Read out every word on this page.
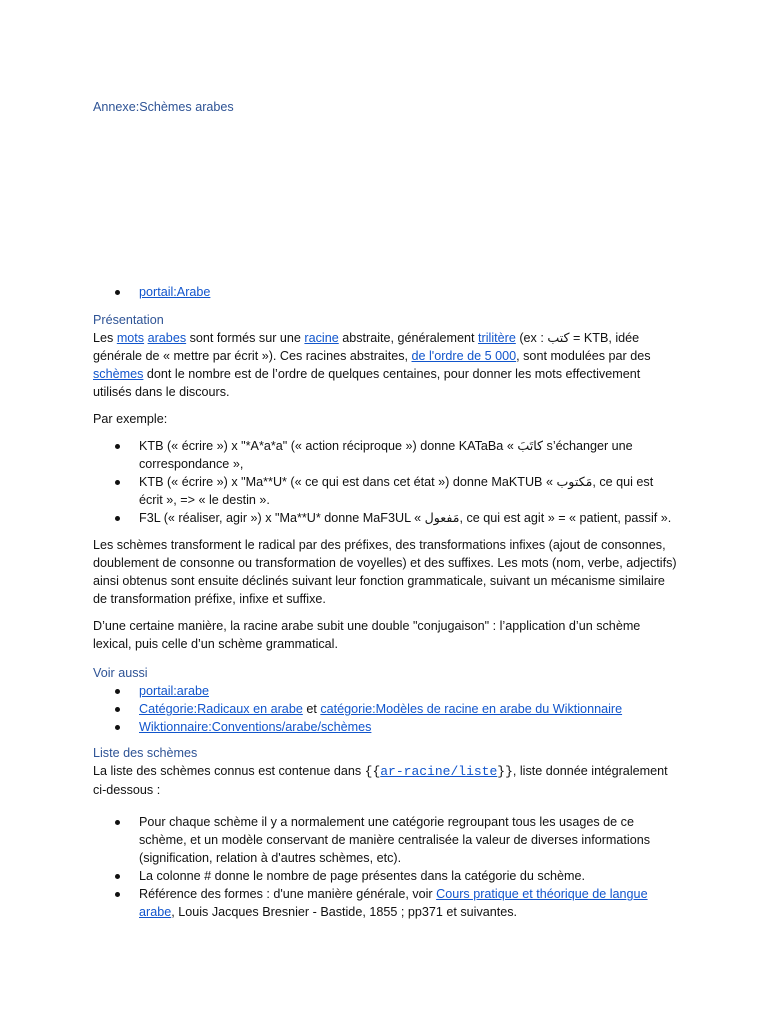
Annexe:Schèmes arabes
portail:Arabe
Présentation

Les mots arabes sont formés sur une racine abstraite, généralement trilitère (ex : كتب = KTB, idée générale de « mettre par écrit »). Ces racines abstraites, de l'ordre de 5 000, sont modulées par des schèmes dont le nombre est de l’ordre de quelques centaines, pour donner les mots effectivement utilisés dans le discours.

Par exemple:

KTB (« écrire ») x "*A*a*a" (« action réciproque ») donne KATaBa « كاتَبَ s’échanger une correspondance »,
KTB (« écrire ») x "Ma**U* (« ce qui est dans cet état ») donne MaKTUB « مَكتوب, ce qui est écrit », => « le destin ».
F3L (« réaliser, agir ») x "Ma**U* donne MaF3UL « مَفعول, ce qui est agit » = « patient, passif ».

Les schèmes transforment le radical par des préfixes, des transformations infixes (ajout de consonnes, doublement de consonne ou transformation de voyelles) et des suffixes. Les mots (nom, verbe, adjectifs) ainsi obtenus sont ensuite déclinés suivant leur fonction grammaticale, suivant un mécanisme similaire de transformation préfixe, infixe et suffixe.

D’une certaine manière, la racine arabe subit une double "conjugaison" : l’application d’un schème lexical, puis celle d’un schème grammatical.

Voir aussi
portail:arabe
Catégorie:Radicaux en arabe et catégorie:Modèles de racine en arabe du Wiktionnaire
Wiktionnaire:Conventions/arabe/schèmes
Liste des schèmes

La liste des schèmes connus est contenue dans {{ar-racine/liste}}, liste donnée intégralement ci-dessous :

Pour chaque schème il y a normalement une catégorie regroupant tous les usages de ce schème, et un modèle conservant de manière centralisée la valeur de diverses informations (signification, relation à d'autres schèmes, etc).
La colonne # donne le nombre de page présentes dans la catégorie du schème.
Référence des formes : d'une manière générale, voir Cours pratique et théorique de langue arabe, Louis Jacques Bresnier - Bastide, 1855 ; pp371 et suivantes.
